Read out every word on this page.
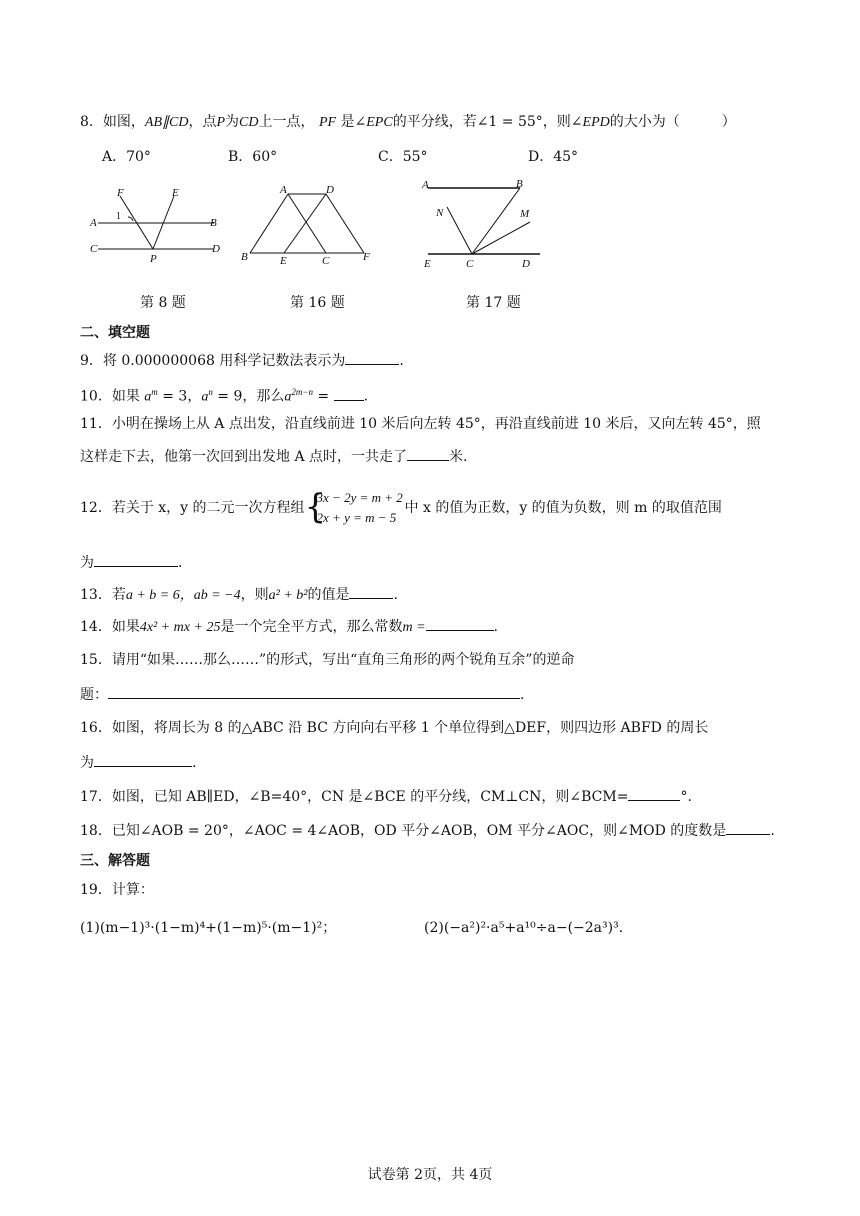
8．如图，AB∥CD，点P为CD上一点， PF 是∠EPC的平分线，若∠1 = 55°，则∠EPD的大小为（　　　）
A．70°	B．60°	C．55°	D．45°
F	E
A
1
B
C
P
D
A	D
B	E	C	F
A	B
N	M
E	C	D
第 8 题	第 16 题	第 17 题
二、填空题
9．将 0.000000068 用科学记数法表示为	.
10．如果 $a^m = 3$，$a^n = 9$，那么$a^{2m-n}$ = .
11．小明在操场上从 A 点出发，沿直线前进 10 米后向左转 45°，再沿直线前进 10 米后，又向左转 45°，照
这样走下去，他第一次回到出发地 A 点时，一共走了	米.
12．若关于 x，y 的二元一次方程组 {
3x − 2y = m + 2
2x + y = m − 5
中 x 的值为正数，y 的值为负数，则 m 的取值范围
为	.
13．若a + b = 6，ab = −4，则a² + b²的值是	.
14．如果4x² + mx + 25是一个完全平方式，那么常数m =	.
15．请用“如果……那么……”的形式，写出“直角三角形的两个锐角互余”的逆命
题：	.
16．如图，将周长为 8 的△ABC 沿 BC 方向向右平移 1 个单位得到△DEF，则四边形 ABFD 的周长
为	.
17．如图，已知 AB∥ED，∠B=40°，CN 是∠BCE 的平分线，CM⊥CN，则∠BCM=	°.
18．已知∠AOB = 20°，∠AOC = 4∠AOB，OD 平分∠AOB，OM 平分∠AOC，则∠MOD 的度数是	.
三、解答题
19．计算：
(1)(m−1)³·(1−m)⁴+(1−m)⁵·(m−1)²；	(2)(−a²)²·a⁵+a¹⁰÷a−(−2a³)³．
试卷第 2页，共 4页
